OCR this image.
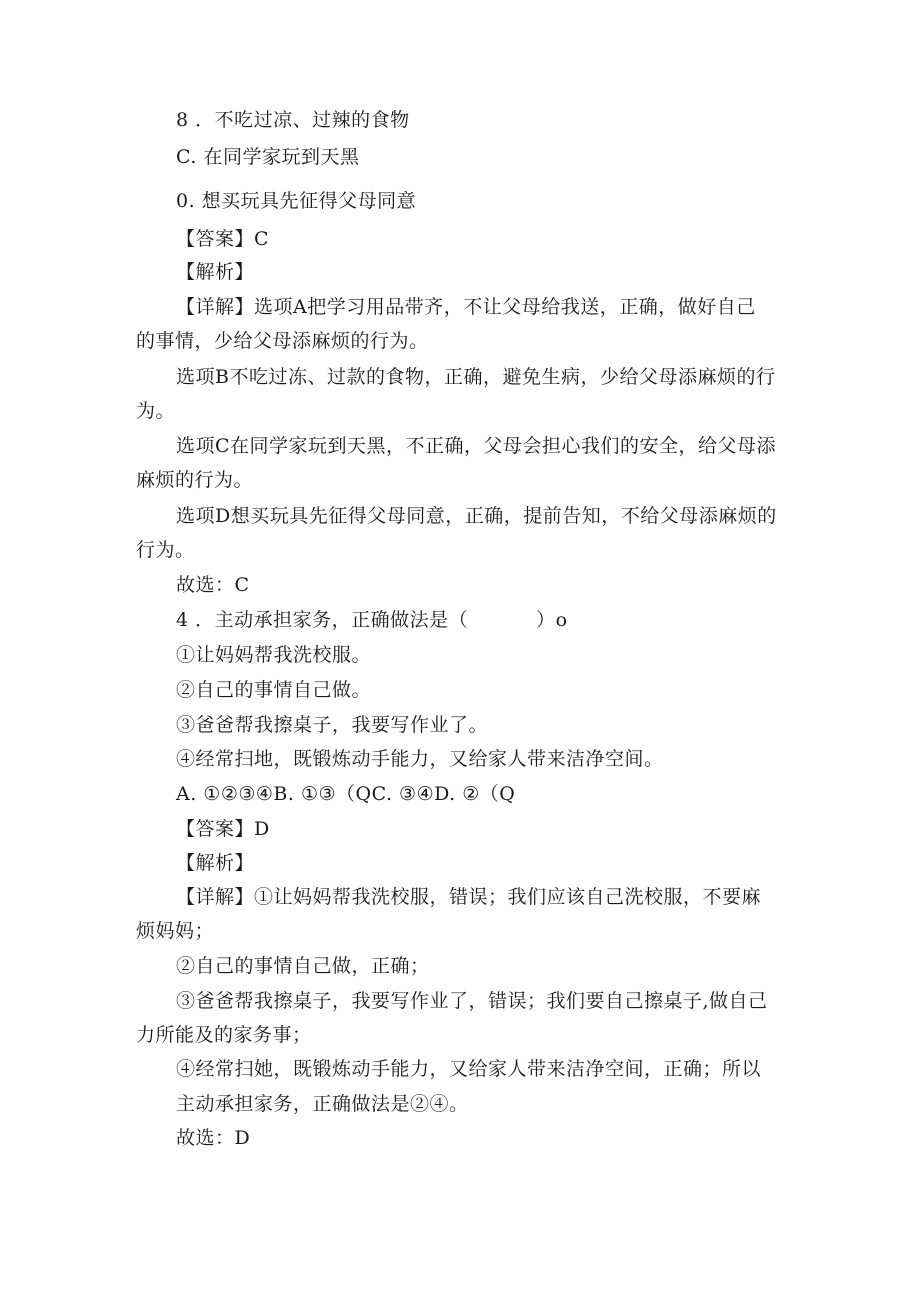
8 ．不吃过凉、过辣的食物
C. 在同学家玩到天黑
0. 想买玩具先征得父母同意
【答案】C
【解析】
【详解】选项A把学习用品带齐，不让父母给我送，正确，做好自己
的事情，少给父母添麻烦的行为。
选项B不吃过冻、过款的食物，正确，避免生病，少给父母添麻烦的行
为。
选项C在同学家玩到天黑，不正确，父母会担心我们的安全，给父母添
麻烦的行为。
选项D想买玩具先征得父母同意，正确，提前告知，不给父母添麻烦的
行为。
故选：C
4 ．主动承担家务，正确做法是（	）o
①让妈妈帮我洗校服。
②自己的事情自己做。
③爸爸帮我擦桌子，我要写作业了。
④经常扫地，既锻炼动手能力，又给家人带来洁净空间。
A. ①②③④B. ①③（QC. ③④D. ②（Q
【答案】D
【解析】
【详解】①让妈妈帮我洗校服，错误；我们应该自己洗校服，不要麻
烦妈妈；
②自己的事情自己做，正确；
③爸爸帮我擦桌子，我要写作业了，错误；我们要自己擦桌子,做自己
力所能及的家务事；
④经常扫她，既锻炼动手能力，又给家人带来洁净空间，正确；所以
主动承担家务，正确做法是②④。
故选：D
